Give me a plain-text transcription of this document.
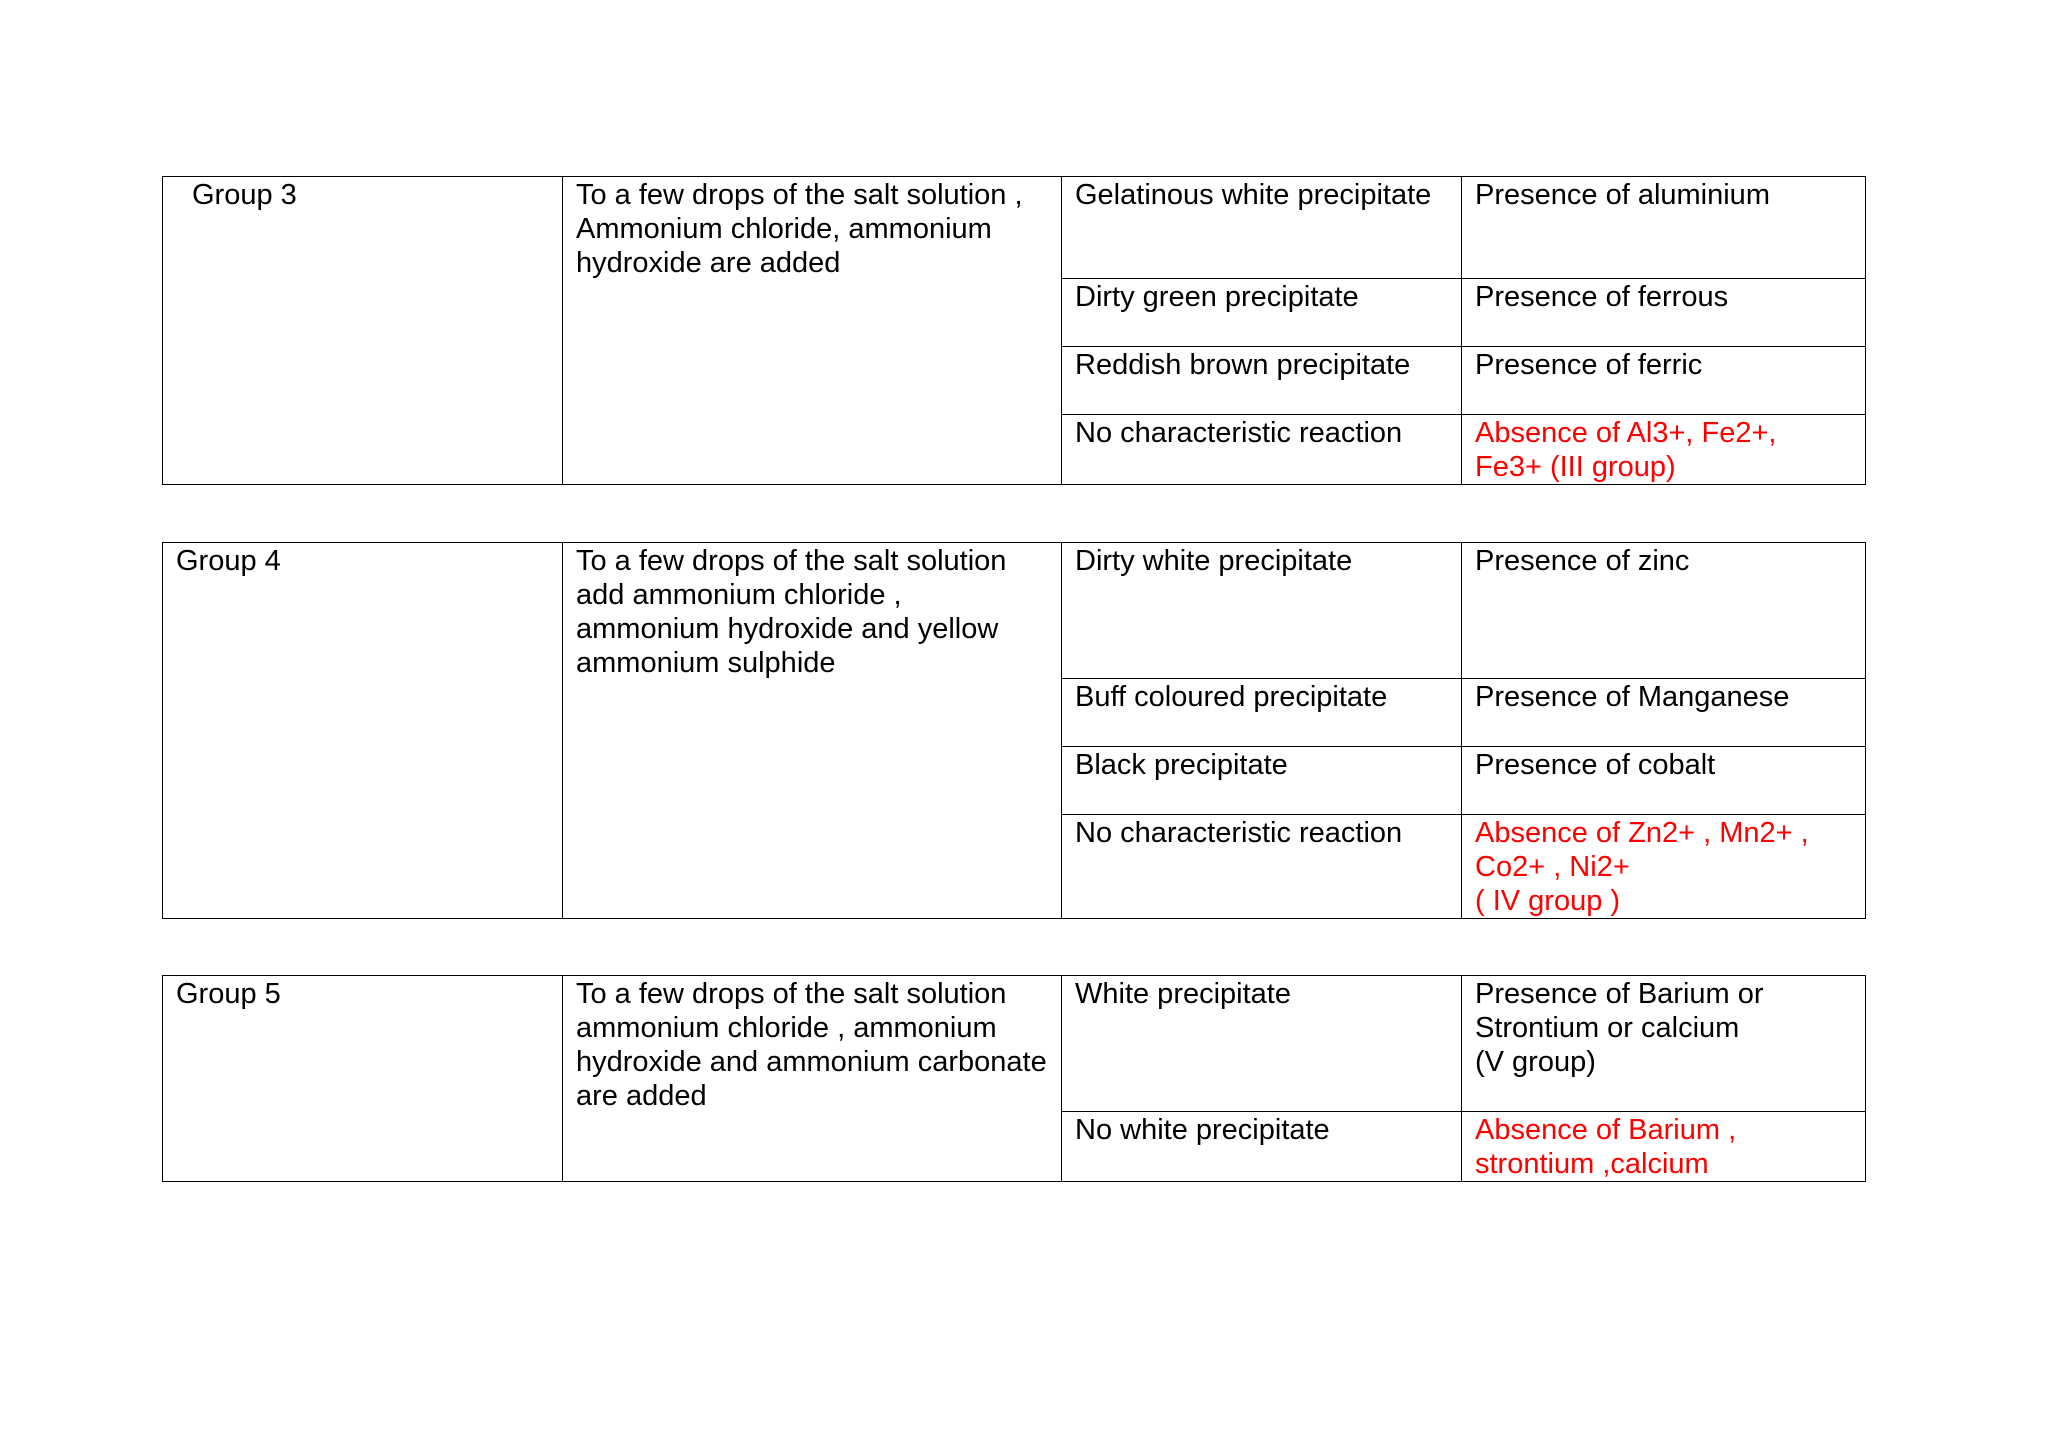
Group 3	To a few drops of the salt solution , Ammonium chloride, ammonium hydroxide are added	Gelatinous white precipitate	Presence of aluminium
		Dirty green precipitate	Presence of ferrous
		Reddish brown precipitate	Presence of ferric
		No characteristic reaction	Absence of Al3+, Fe2+,
Fe3+ (III group)
Group 4	To a few drops of the salt solution add ammonium chloride , ammonium hydroxide and yellow ammonium sulphide	Dirty white precipitate	Presence of zinc
		Buff coloured precipitate	Presence of Manganese
		Black precipitate	Presence of cobalt
		No characteristic reaction	Absence of Zn2+ , Mn2+ ,
Co2+ , Ni2+
( IV group )
Group 5	To a few drops of the salt solution ammonium chloride , ammonium hydroxide and ammonium carbonate are added	White precipitate	Presence of Barium or Strontium or calcium
(V group)
		No white precipitate	Absence of Barium ,
strontium ,calcium
